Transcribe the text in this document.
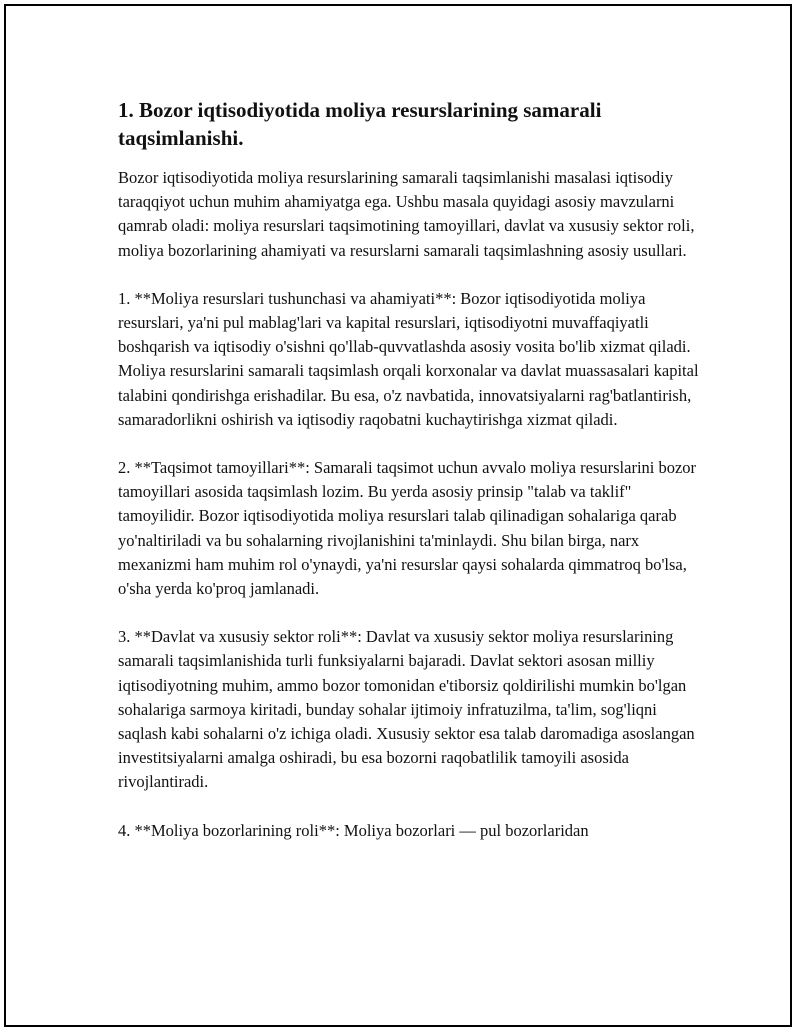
1. Bozor iqtisodiyotida moliya resurslarining samarali taqsimlanishi.

Bozor iqtisodiyotida moliya resurslarining samarali taqsimlanishi masalasi iqtisodiy taraqqiyot uchun muhim ahamiyatga ega. Ushbu masala quyidagi asosiy mavzularni qamrab oladi: moliya resurslari taqsimotining tamoyillari, davlat va xususiy sektor roli, moliya bozorlarining ahamiyati va resurslarni samarali taqsimlashning asosiy usullari.

1. **Moliya resurslari tushunchasi va ahamiyati**: Bozor iqtisodiyotida moliya resurslari, ya'ni pul mablag'lari va kapital resurslari, iqtisodiyotni muvaffaqiyatli boshqarish va iqtisodiy o'sishni qo'llab-quvvatlashda asosiy vosita bo'lib xizmat qiladi. Moliya resurslarini samarali taqsimlash orqali korxonalar va davlat muassasalari kapital talabini qondirishga erishadilar. Bu esa, o'z navbatida, innovatsiyalarni rag'batlantirish, samaradorlikni oshirish va iqtisodiy raqobatni kuchaytirishga xizmat qiladi.

2. **Taqsimot tamoyillari**: Samarali taqsimot uchun avvalo moliya resurslarini bozor tamoyillari asosida taqsimlash lozim. Bu yerda asosiy prinsip "talab va taklif" tamoyilidir. Bozor iqtisodiyotida moliya resurslari talab qilinadigan sohalariga qarab yo'naltiriladi va bu sohalarning rivojlanishini ta'minlaydi. Shu bilan birga, narx mexanizmi ham muhim rol o'ynaydi, ya'ni resurslar qaysi sohalarda qimmatroq bo'lsa, o'sha yerda ko'proq jamlanadi.

3. **Davlat va xususiy sektor roli**: Davlat va xususiy sektor moliya resurslarining samarali taqsimlanishida turli funksiyalarni bajaradi. Davlat sektori asosan milliy iqtisodiyotning muhim, ammo bozor tomonidan e'tiborsiz qoldirilishi mumkin bo'lgan sohalariga sarmoya kiritadi, bunday sohalar ijtimoiy infratuzilma, ta'lim, sog'liqni saqlash kabi sohalarni o'z ichiga oladi. Xususiy sektor esa talab daromadiga asoslangan investitsiyalarni amalga oshiradi, bu esa bozorni raqobatlilik tamoyili asosida rivojlantiradi.

4. **Moliya bozorlarining roli**: Moliya bozorlari — pul bozorlaridan
